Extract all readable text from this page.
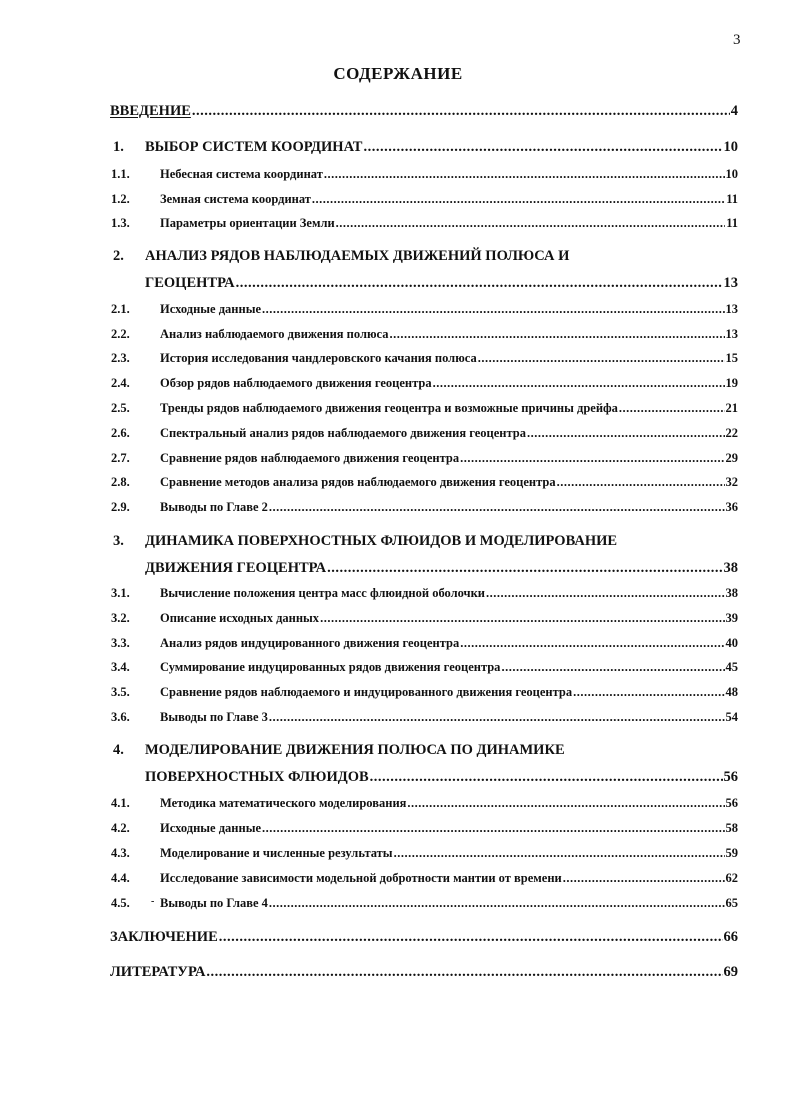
3
СОДЕРЖАНИЕ
ВВЕДЕНИЕ .....	4
1. ВЫБОР СИСТЕМ КООРДИНАТ .....	10
1.1. Небесная система координат .....	10
1.2. Земная система координат .....	11
1.3. Параметры ориентации Земли .....	11
2. АНАЛИЗ РЯДОВ НАБЛЮДАЕМЫХ ДВИЖЕНИЙ ПОЛЮСА И
ГЕОЦЕНТРА .....	13
2.1. Исходные данные .....	13
2.2. Анализ наблюдаемого движения полюса .....	13
2.3. История исследования чандлеровского качания полюса .....	15
2.4. Обзор рядов наблюдаемого движения геоцентра .....	19
2.5. Тренды рядов наблюдаемого движения геоцентра и возможные причины дрейфа .....	21
2.6. Спектральный анализ рядов наблюдаемого движения геоцентра .....	22
2.7. Сравнение рядов наблюдаемого движения геоцентра .....	29
2.8. Сравнение методов анализа рядов наблюдаемого движения геоцентра .....	32
2.9. Выводы по Главе 2 .....	36
3. ДИНАМИКА ПОВЕРХНОСТНЫХ ФЛЮИДОВ И МОДЕЛИРОВАНИЕ
ДВИЖЕНИЯ ГЕОЦЕНТРА .....	38
3.1. Вычисление положения центра масс флюидной оболочки .....	38
3.2. Описание исходных данных .....	39
3.3. Анализ рядов индуцированного движения геоцентра .....	40
3.4. Суммирование индуцированных рядов движения геоцентра .....	45
3.5. Сравнение рядов наблюдаемого и индуцированного движения геоцентра .....	48
3.6. Выводы по Главе 3 .....	54
4. МОДЕЛИРОВАНИЕ ДВИЖЕНИЯ ПОЛЮСА ПО ДИНАМИКЕ
ПОВЕРХНОСТНЫХ ФЛЮИДОВ .....	56
4.1. Методика математического моделирования .....	56
4.2. Исходные данные .....	58
4.3. Моделирование и численные результаты .....	59
4.4. Исследование зависимости модельной добротности мантии от времени .....	62
4.5. - Выводы по Главе 4 .....	65
ЗАКЛЮЧЕНИЕ .....	66
ЛИТЕРАТУРА .....	69
